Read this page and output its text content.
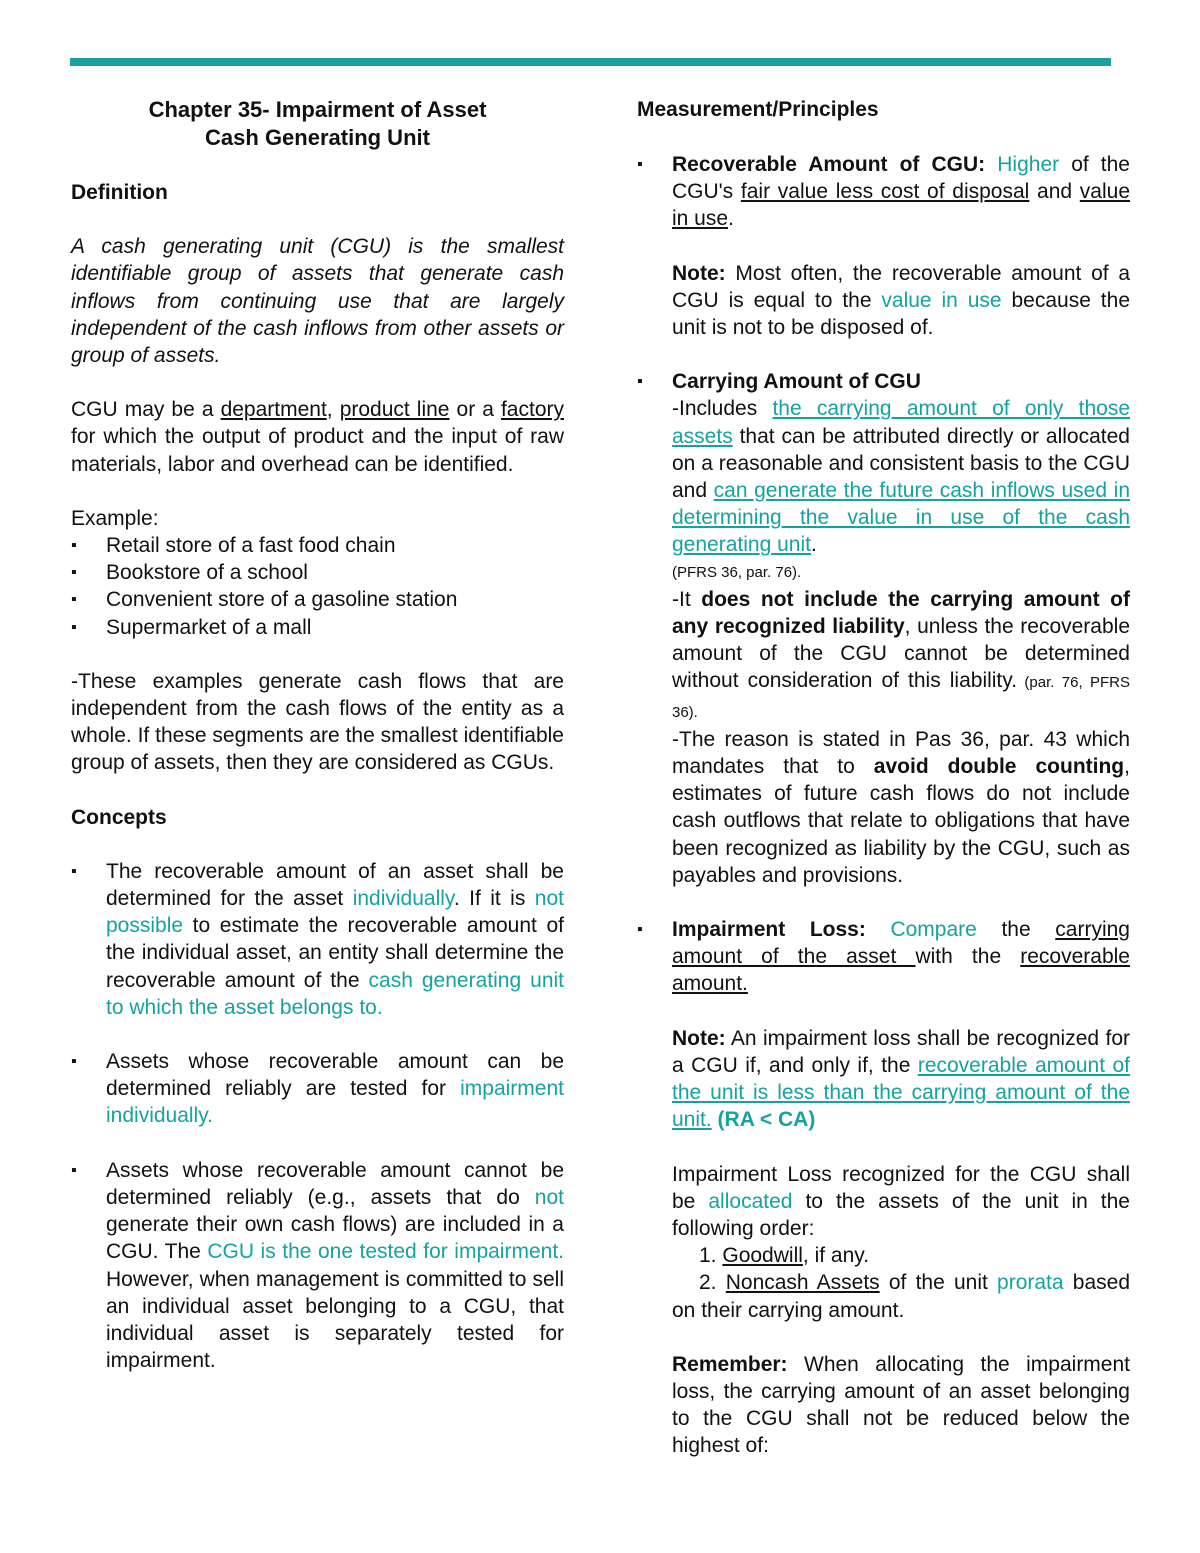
Chapter 35- Impairment of Asset

Cash Generating Unit

Definition

A cash generating unit (CGU) is the smallest identifiable group of assets that generate cash inflows from continuing use that are largely independent of the cash inflows from other assets or group of assets.

CGU may be a department, product line or a factory for which the output of product and the input of raw materials, labor and overhead can be identified.

Example:

▪ Retail store of a fast food chain

▪ Bookstore of a school

▪ Convenient store of a gasoline station

▪ Supermarket of a mall

-These examples generate cash flows that are independent from the cash flows of the entity as a whole. If these segments are the smallest identifiable group of assets, then they are considered as CGUs.

Concepts

▪ The recoverable amount of an asset shall be determined for the asset individually. If it is not possible to estimate the recoverable amount of the individual asset, an entity shall determine the recoverable amount of the cash generating unit to which the asset belongs to.

▪ Assets whose recoverable amount can be determined reliably are tested for impairment individually.

▪ Assets whose recoverable amount cannot be determined reliably (e.g., assets that do not generate their own cash flows) are included in a CGU. The CGU is the one tested for impairment. However, when management is committed to sell an individual asset belonging to a CGU, that individual asset is separately tested for impairment.

Measurement/Principles

▪ Recoverable Amount of CGU: Higher of the CGU's fair value less cost of disposal and value in use.

Note: Most often, the recoverable amount of a CGU is equal to the value in use because the unit is not to be disposed of.

▪ Carrying Amount of CGU

-Includes the carrying amount of only those assets that can be attributed directly or allocated on a reasonable and consistent basis to the CGU and can generate the future cash inflows used in determining the value in use of the cash generating unit.

(PFRS 36, par. 76).

-It does not include the carrying amount of any recognized liability, unless the recoverable amount of the CGU cannot be determined without consideration of this liability. (par. 76, PFRS 36).

-The reason is stated in Pas 36, par. 43 which mandates that to avoid double counting, estimates of future cash flows do not include cash outflows that relate to obligations that have been recognized as liability by the CGU, such as payables and provisions.

▪ Impairment Loss: Compare the carrying amount of the asset with the recoverable amount.

Note: An impairment loss shall be recognized for a CGU if, and only if, the recoverable amount of the unit is less than the carrying amount of the unit. (RA < CA)

Impairment Loss recognized for the CGU shall be allocated to the assets of the unit in the following order:

1. Goodwill, if any.

2. Noncash Assets of the unit prorata based on their carrying amount.

Remember: When allocating the impairment loss, the carrying amount of an asset belonging to the CGU shall not be reduced below the highest of:
